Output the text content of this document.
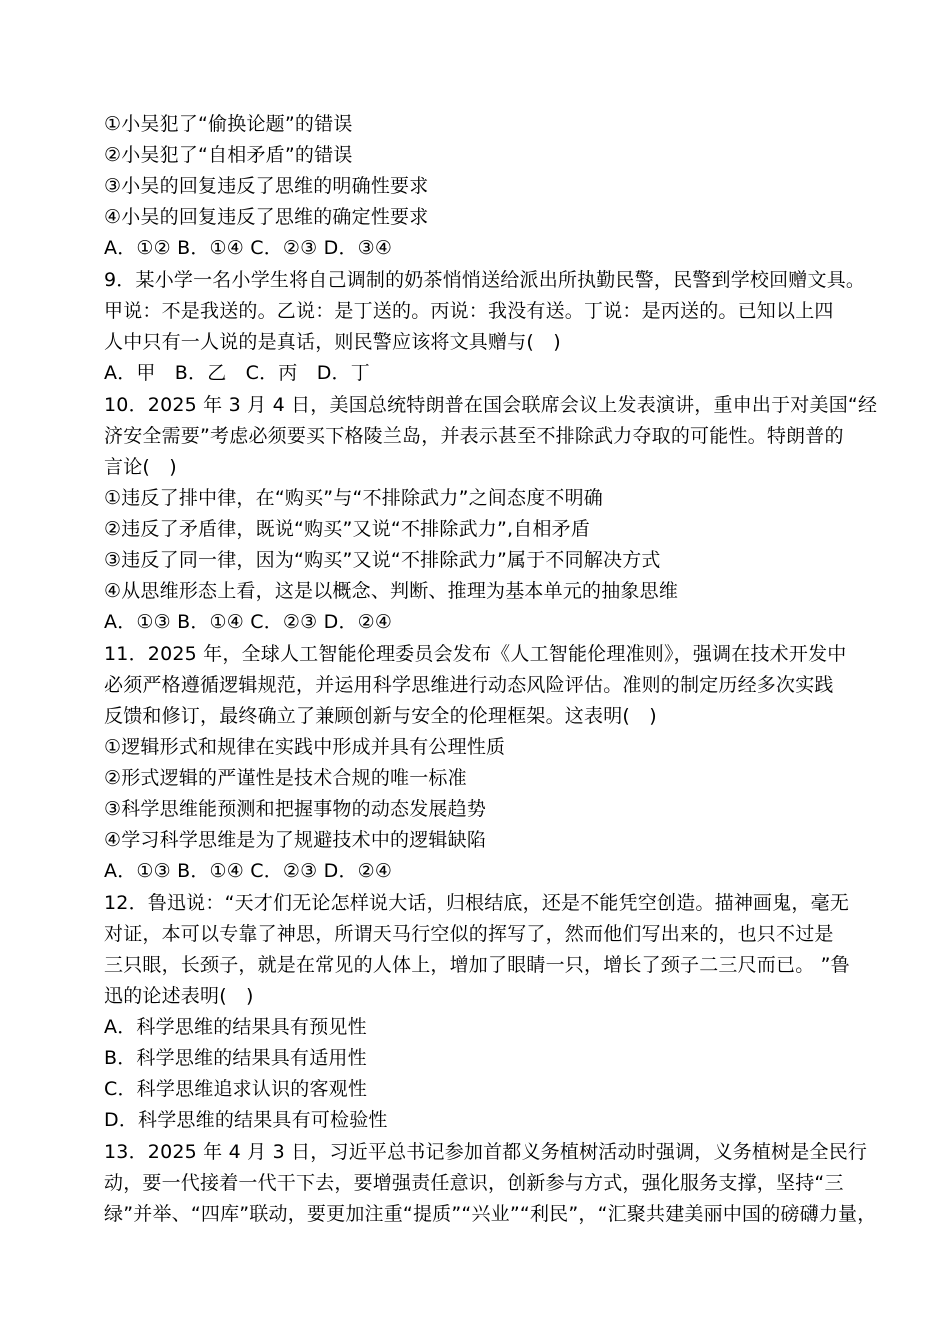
①小吴犯了“偷换论题”的错误
②小吴犯了“自相矛盾”的错误
③小吴的回复违反了思维的明确性要求
④小吴的回复违反了思维的确定性要求
A．①② B．①④ C．②③ D．③④
9．某小学一名小学生将自己调制的奶茶悄悄送给派出所执勤民警，民警到学校回赠文具。
甲说：不是我送的。乙说：是丁送的。丙说：我没有送。丁说：是丙送的。已知以上四
人中只有一人说的是真话，则民警应该将文具赠与(　)
A．甲　B．乙　C．丙　D．丁
10．2025 年 3 月 4 日，美国总统特朗普在国会联席会议上发表演讲，重申出于对美国“经
济安全需要”考虑必须要买下格陵兰岛，并表示甚至不排除武力夺取的可能性。特朗普的
言论(　)
①违反了排中律，在“购买”与“不排除武力”之间态度不明确
②违反了矛盾律，既说“购买”又说“不排除武力”,自相矛盾
③违反了同一律，因为“购买”又说“不排除武力”属于不同解决方式
④从思维形态上看，这是以概念、判断、推理为基本单元的抽象思维
A．①③ B．①④ C．②③ D．②④
11．2025 年，全球人工智能伦理委员会发布《人工智能伦理准则》，强调在技术开发中
必须严格遵循逻辑规范，并运用科学思维进行动态风险评估。准则的制定历经多次实践
反馈和修订，最终确立了兼顾创新与安全的伦理框架。这表明(　)
①逻辑形式和规律在实践中形成并具有公理性质
②形式逻辑的严谨性是技术合规的唯一标准
③科学思维能预测和把握事物的动态发展趋势
④学习科学思维是为了规避技术中的逻辑缺陷
A．①③ B．①④ C．②③ D．②④
12．鲁迅说：“天才们无论怎样说大话，归根结底，还是不能凭空创造。描神画鬼，毫无
对证，本可以专靠了神思，所谓天马行空似的挥写了，然而他们写出来的，也只不过是
三只眼，长颈子，就是在常见的人体上，增加了眼睛一只，增长了颈子二三尺而已。 ”鲁
迅的论述表明(　)
A．科学思维的结果具有预见性
B．科学思维的结果具有适用性
C．科学思维追求认识的客观性
D．科学思维的结果具有可检验性
13．2025 年 4 月 3 日，习近平总书记参加首都义务植树活动时强调，义务植树是全民行
动，要一代接着一代干下去，要增强责任意识，创新参与方式，强化服务支撑，坚持“三
绿”并举、“四库”联动，要更加注重“提质”“兴业”“利民”，“汇聚共建美丽中国的磅礴力量，
